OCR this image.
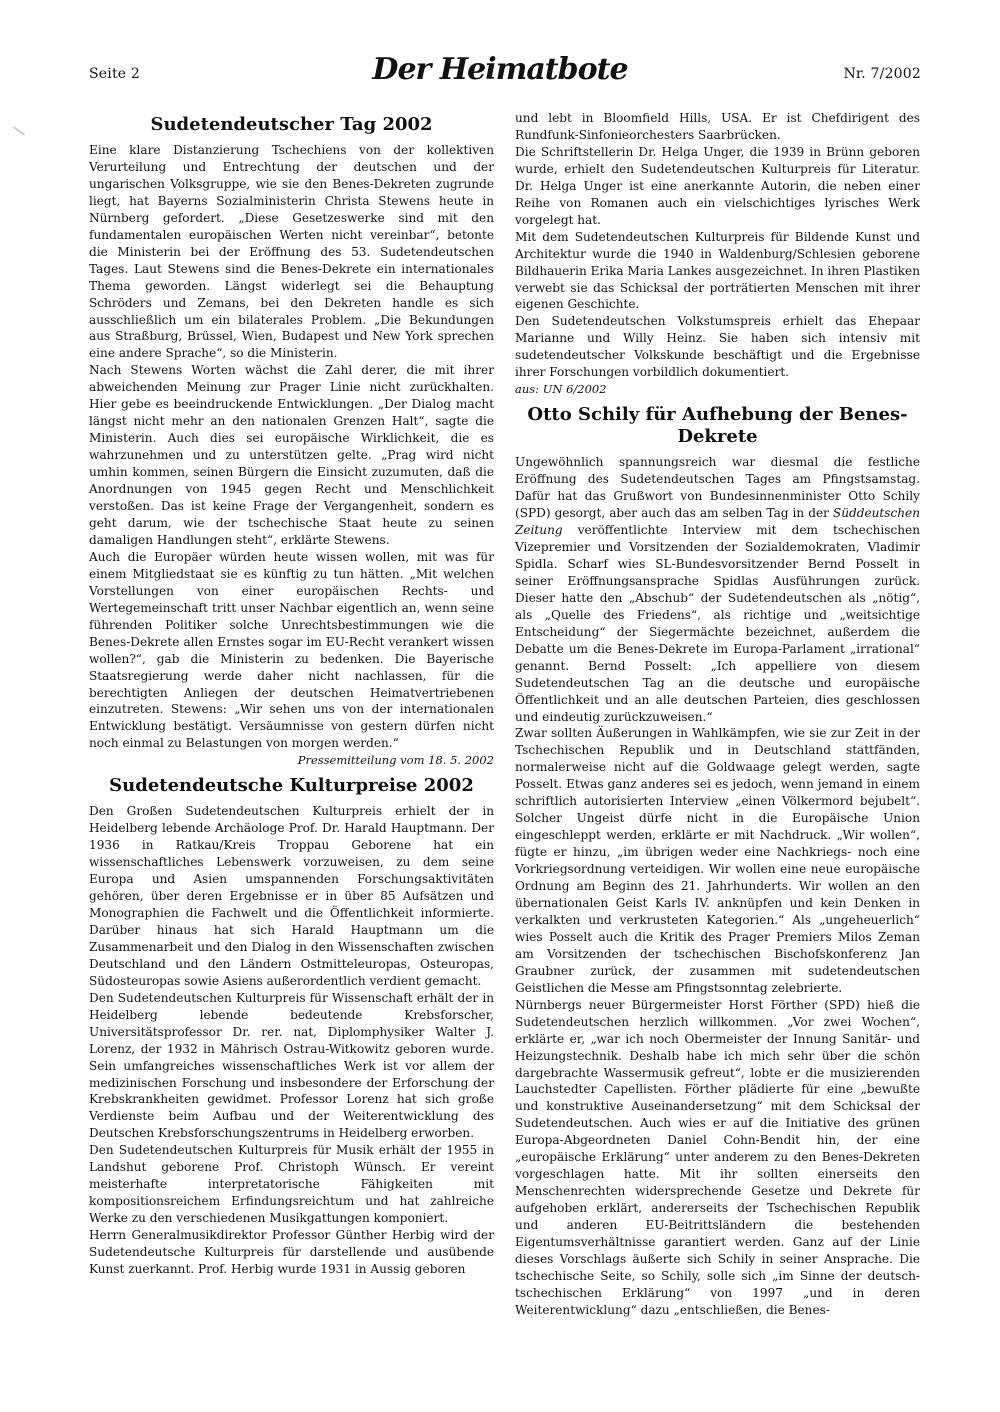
Seite 2	Der Heimatbote	Nr. 7/2002
Sudetendeutscher Tag 2002

Eine klare Distanzierung Tschechiens von der kollektiven Verurteilung und Entrechtung der deutschen und der ungarischen Volksgruppe, wie sie den Benes-Dekreten zugrunde liegt, hat Bayerns Sozialministerin Christa Stewens heute in Nürnberg gefordert. „Diese Gesetzeswerke sind mit den fundamentalen europäischen Werten nicht vereinbar“, betonte die Ministerin bei der Eröffnung des 53. Sudetendeutschen Tages. Laut Stewens sind die Benes-Dekrete ein internationales Thema geworden. Längst widerlegt sei die Behauptung Schröders und Zemans, bei den Dekreten handle es sich ausschließlich um ein bilaterales Problem. „Die Bekundungen aus Straßburg, Brüssel, Wien, Budapest und New York sprechen eine andere Sprache“, so die Ministerin.

Nach Stewens Worten wächst die Zahl derer, die mit ihrer abweichenden Meinung zur Prager Linie nicht zurückhalten. Hier gebe es beeindruckende Entwicklungen. „Der Dialog macht längst nicht mehr an den nationalen Grenzen Halt“, sagte die Ministerin. Auch dies sei europäische Wirklichkeit, die es wahrzunehmen und zu unterstützen gelte. „Prag wird nicht umhin kommen, seinen Bürgern die Einsicht zuzumuten, daß die Anordnungen von 1945 gegen Recht und Menschlichkeit verstoßen. Das ist keine Frage der Vergangenheit, sondern es geht darum, wie der tschechische Staat heute zu seinen damaligen Handlungen steht“, erklärte Stewens.

Auch die Europäer würden heute wissen wollen, mit was für einem Mitgliedstaat sie es künftig zu tun hätten. „Mit welchen Vorstellungen von einer europäischen Rechts- und Wertegemeinschaft tritt unser Nachbar eigentlich an, wenn seine führenden Politiker solche Unrechtsbestimmungen wie die Benes-Dekrete allen Ernstes sogar im EU-Recht verankert wissen wollen?“, gab die Ministerin zu bedenken. Die Bayerische Staatsregierung werde daher nicht nachlassen, für die berechtigten Anliegen der deutschen Heimatvertriebenen einzutreten. Stewens: „Wir sehen uns von der internationalen Entwicklung bestätigt. Versäumnisse von gestern dürfen nicht noch einmal zu Belastungen von morgen werden.“

Pressemitteilung vom 18. 5. 2002

Sudetendeutsche Kulturpreise 2002

Den Großen Sudetendeutschen Kulturpreis erhielt der in Heidelberg lebende Archäologe Prof. Dr. Harald Hauptmann. Der 1936 in Ratkau/Kreis Troppau Geborene hat ein wissenschaftliches Lebenswerk vorzuweisen, zu dem seine Europa und Asien umspannenden Forschungsaktivitäten gehören, über deren Ergebnisse er in über 85 Aufsätzen und Monographien die Fachwelt und die Öffentlichkeit informierte. Darüber hinaus hat sich Harald Hauptmann um die Zusammenarbeit und den Dialog in den Wissenschaften zwischen Deutschland und den Ländern Ostmitteleuropas, Osteuropas, Südosteuropas sowie Asiens außerordentlich verdient gemacht.

Den Sudetendeutschen Kulturpreis für Wissenschaft erhält der in Heidelberg lebende bedeutende Krebsforscher, Universitätsprofessor Dr. rer. nat, Diplomphysiker Walter J. Lorenz, der 1932 in Mährisch Ostrau-Witkowitz geboren wurde. Sein umfangreiches wissenschaftliches Werk ist vor allem der medizinischen Forschung und insbesondere der Erforschung der Krebskrankheiten gewidmet. Professor Lorenz hat sich große Verdienste beim Aufbau und der Weiterentwicklung des Deutschen Krebsforschungszentrums in Heidelberg erworben.

Den Sudetendeutschen Kulturpreis für Musik erhält der 1955 in Landshut geborene Prof. Christoph Wünsch. Er vereint meisterhafte interpretatorische Fähigkeiten mit kompositionsreichem Erfindungsreichtum und hat zahlreiche Werke zu den verschiedenen Musikgattungen komponiert.

Herrn Generalmusikdirektor Professor Günther Herbig wird der Sudetendeutsche Kulturpreis für darstellende und ausübende Kunst zuerkannt. Prof. Herbig wurde 1931 in Aussig geboren

und lebt in Bloomfield Hills, USA. Er ist Chefdirigent des Rundfunk-Sinfonieorchesters Saarbrücken.

Die Schriftstellerin Dr. Helga Unger, die 1939 in Brünn geboren wurde, erhielt den Sudetendeutschen Kulturpreis für Literatur. Dr. Helga Unger ist eine anerkannte Autorin, die neben einer Reihe von Romanen auch ein vielschichtiges lyrisches Werk vorgelegt hat.

Mit dem Sudetendeutschen Kulturpreis für Bildende Kunst und Architektur wurde die 1940 in Waldenburg/Schlesien geborene Bildhauerin Erika Maria Lankes ausgezeichnet. In ihren Plastiken verwebt sie das Schicksal der porträtierten Menschen mit ihrer eigenen Geschichte.

Den Sudetendeutschen Volkstumspreis erhielt das Ehepaar Marianne und Willy Heinz. Sie haben sich intensiv mit sudetendeutscher Volkskunde beschäftigt und die Ergebnisse ihrer Forschungen vorbildlich dokumentiert.

aus: UN 6/2002

Otto Schily für Aufhebung der Benes-Dekrete

Ungewöhnlich spannungsreich war diesmal die festliche Eröffnung des Sudetendeutschen Tages am Pfingstsamstag. Dafür hat das Grußwort von Bundesinnenminister Otto Schily (SPD) gesorgt, aber auch das am selben Tag in der Süddeutschen Zeitung veröffentlichte Interview mit dem tschechischen Vizepremier und Vorsitzenden der Sozialdemokraten, Vladimir Spidla. Scharf wies SL-Bundesvorsitzender Bernd Posselt in seiner Eröffnungsansprache Spidlas Ausführungen zurück. Dieser hatte den „Abschub“ der Sudetendeutschen als „nötig“, als „Quelle des Friedens“, als richtige und „weitsichtige Entscheidung“ der Siegermächte bezeichnet, außerdem die Debatte um die Benes-Dekrete im Europa-Parlament „irrational“ genannt. Bernd Posselt: „Ich appelliere von diesem Sudetendeutschen Tag an die deutsche und europäische Öffentlichkeit und an alle deutschen Parteien, dies geschlossen und eindeutig zurückzuweisen.“

Zwar sollten Äußerungen in Wahlkämpfen, wie sie zur Zeit in der Tschechischen Republik und in Deutschland stattfänden, normalerweise nicht auf die Goldwaage gelegt werden, sagte Posselt. Etwas ganz anderes sei es jedoch, wenn jemand in einem schriftlich autorisierten Interview „einen Völkermord bejubelt“. Solcher Ungeist dürfe nicht in die Europäische Union eingeschleppt werden, erklärte er mit Nachdruck. „Wir wollen“, fügte er hinzu, „im übrigen weder eine Nachkriegs- noch eine Vorkriegsordnung verteidigen. Wir wollen eine neue europäische Ordnung am Beginn des 21. Jahrhunderts. Wir wollen an den übernationalen Geist Karls IV. anknüpfen und kein Denken in verkalkten und verkrusteten Kategorien.“ Als „ungeheuerlich“ wies Posselt auch die Kritik des Prager Premiers Milos Zeman am Vorsitzenden der tschechischen Bischofskonferenz Jan Graubner zurück, der zusammen mit sudetendeutschen Geistlichen die Messe am Pfingstsonntag zelebrierte.

Nürnbergs neuer Bürgermeister Horst Förther (SPD) hieß die Sudetendeutschen herzlich willkommen. „Vor zwei Wochen“, erklärte er, „war ich noch Obermeister der Innung Sanitär- und Heizungstechnik. Deshalb habe ich mich sehr über die schön dargebrachte Wassermusik gefreut“, lobte er die musizierenden Lauchstedter Capellisten. Förther plädierte für eine „bewußte und konstruktive Auseinandersetzung“ mit dem Schicksal der Sudetendeutschen. Auch wies er auf die Initiative des grünen Europa-Abgeordneten Daniel Cohn-Bendit hin, der eine „europäische Erklärung“ unter anderem zu den Benes-Dekreten vorgeschlagen hatte. Mit ihr sollten einerseits den Menschenrechten widersprechende Gesetze und Dekrete für aufgehoben erklärt, andererseits der Tschechischen Republik und anderen EU-Beitrittsländern die bestehenden Eigentumsverhältnisse garantiert werden. Ganz auf der Linie dieses Vorschlags äußerte sich Schily in seiner Ansprache. Die tschechische Seite, so Schily, solle sich „im Sinne der deutsch-tschechischen Erklärung“ von 1997 „und in deren Weiterentwicklung“ dazu „entschließen, die Benes-
